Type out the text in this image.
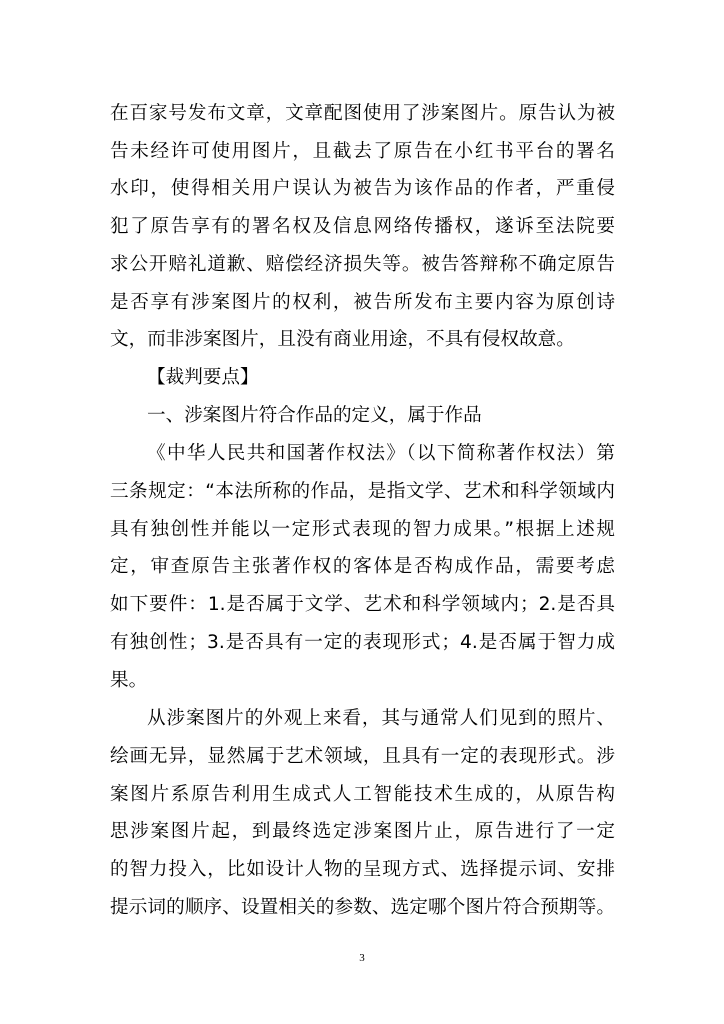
在百家号发布文章，文章配图使用了涉案图片。原告认为被

告未经许可使用图片，且截去了原告在小红书平台的署名

水印，使得相关用户误认为被告为该作品的作者，严重侵

犯了原告享有的署名权及信息网络传播权，遂诉至法院要

求公开赔礼道歉、赔偿经济损失等。被告答辩称不确定原告

是否享有涉案图片的权利，被告所发布主要内容为原创诗

文，而非涉案图片，且没有商业用途，不具有侵权故意。

【裁判要点】

一、涉案图片符合作品的定义，属于作品

《中华人民共和国著作权法》（以下简称著作权法）第

三条规定：“本法所称的作品，是指文学、艺术和科学领域内

具有独创性并能以一定形式表现的智力成果。”根据上述规

定，审查原告主张著作权的客体是否构成作品，需要考虑

如下要件：1.是否属于文学、艺术和科学领域内；2.是否具

有独创性；3.是否具有一定的表现形式；4.是否属于智力成

果。

从涉案图片的外观上来看，其与通常人们见到的照片、

绘画无异，显然属于艺术领域，且具有一定的表现形式。涉

案图片系原告利用生成式人工智能技术生成的，从原告构

思涉案图片起，到最终选定涉案图片止，原告进行了一定

的智力投入，比如设计人物的呈现方式、选择提示词、安排

提示词的顺序、设置相关的参数、选定哪个图片符合预期等。

3
